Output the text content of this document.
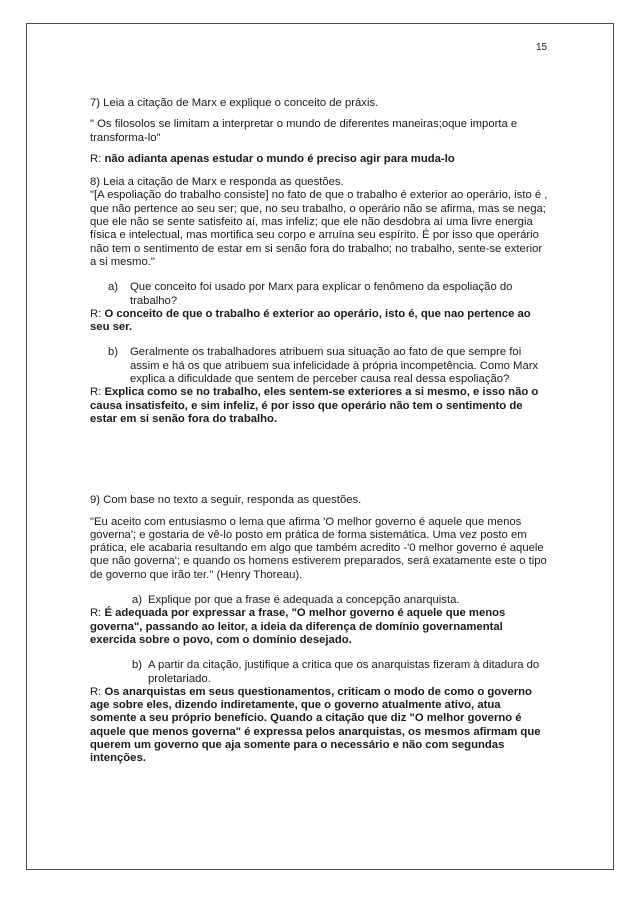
15

7) Leia a citação de Marx e explique o conceito de práxis.

" Os filosolos se limitam a interpretar o mundo de diferentes maneiras;oque importa e transforma-lo"

R: não adianta apenas estudar o mundo é preciso agir para muda-lo

8) Leia a citação de Marx e responda as questões.

"[A espoliação do trabalho consiste] no fato de que o trabalho é exterior ao operário, isto é , que não pertence ao seu ser; que, no seu trabalho, o operário não se afirma, mas se nega; que ele não se sente satisfeito aí, mas infeliz; que ele não desdobra aí uma livre energia física e intelectual, mas mortifica seu corpo e arruína seu espírito. É por isso que operário não tem o sentimento de estar em si senão fora do trabalho; no trabalho, sente-se exterior a si mesmo."

a) Que conceito foi usado por Marx para explicar o fenômeno da espoliação do trabalho?

R: O conceito de que o trabalho é exterior ao operário, isto é, que nao pertence ao seu ser.

b) Geralmente os trabalhadores atribuem sua situação ao fato de que sempre foi assim e há os que atribuem sua infelicidade à própria incompetência. Como Marx explica a dificuldade que sentem de perceber causa real dessa espoliação?

R: Explica como se no trabalho, eles sentem-se exteriores a si mesmo, e isso não o causa insatisfeito, e sim infeliz, é por isso que operário não tem o sentimento de estar em si senão fora do trabalho.

9) Com base no texto a seguir, responda as questões.

"Eu aceito com entusiasmo o lema que afirma 'O melhor governo é aquele que menos governa'; e gostaria de vê-lo posto em prática de forma sistemática. Uma vez posto em prática, ele acabaria resultando em algo que também acredito -'0 melhor governo é aquele que não governa'; e quando os homens estiverem preparados, será exatamente este o tipo de governo que irão ter." (Henry Thoreau).

a) Explique por que a frase é adequada a concepção anarquista.

R: É adequada por expressar a frase, "O melhor governo é aquele que menos governa", passando ao leitor, a ideia da diferença de domínio governamental exercida sobre o povo, com o domínio desejado.

b) A partir da citação, justifique a critica que os anarquistas fizeram à ditadura do proletariado.

R: Os anarquistas em seus questionamentos, criticam o modo de como o governo age sobre eles, dizendo indiretamente, que o governo atualmente ativo, atua somente a seu próprio benefício. Quando a citação que diz "O melhor governo é aquele que menos governa" é expressa pelos anarquistas, os mesmos afirmam que querem um governo que aja somente para o necessário e não com segundas intenções.
